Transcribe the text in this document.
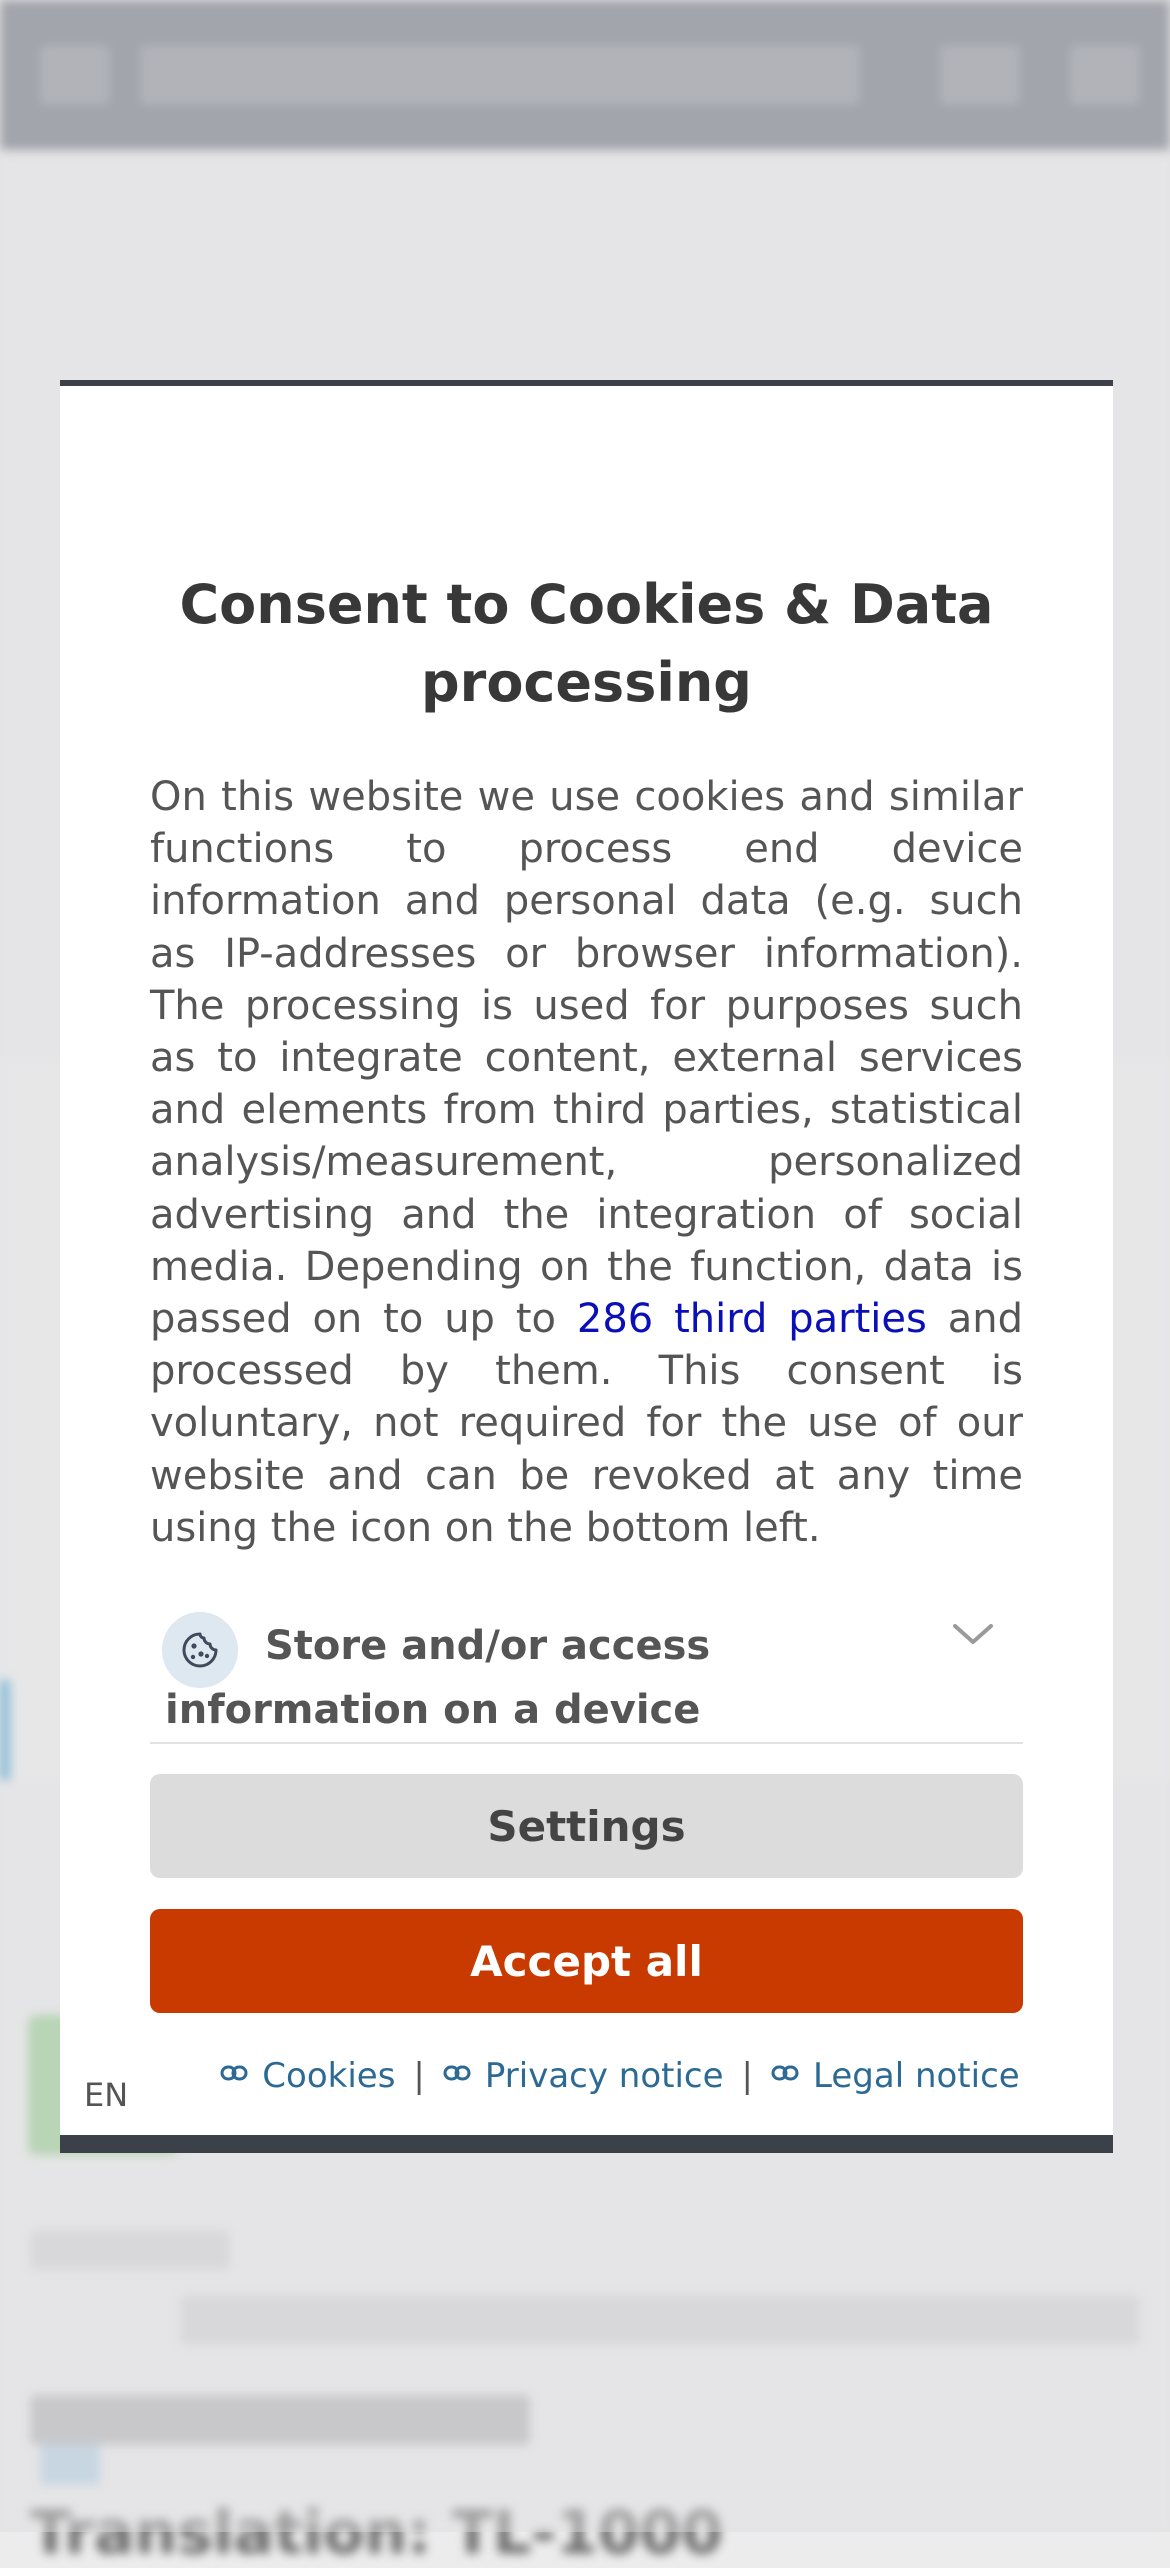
Translation: TL-1000
Consent to Cookies & Data processing

On this website we use cookies and similar functions to process end device information and personal data (e.g. such as IP-addresses or browser information). The processing is used for purposes such as to integrate content, external services and elements from third parties, statistical analysis/measurement, personalized advertising and the integration of social media. Depending on the function, data is passed on to up to 286 third parties and processed by them. This consent is voluntary, not required for the use of our website and can be revoked at any time using the icon on the bottom left.

Store and/or access information on a device

Settings
Accept all
EN	Cookies | Privacy notice | Legal notice
